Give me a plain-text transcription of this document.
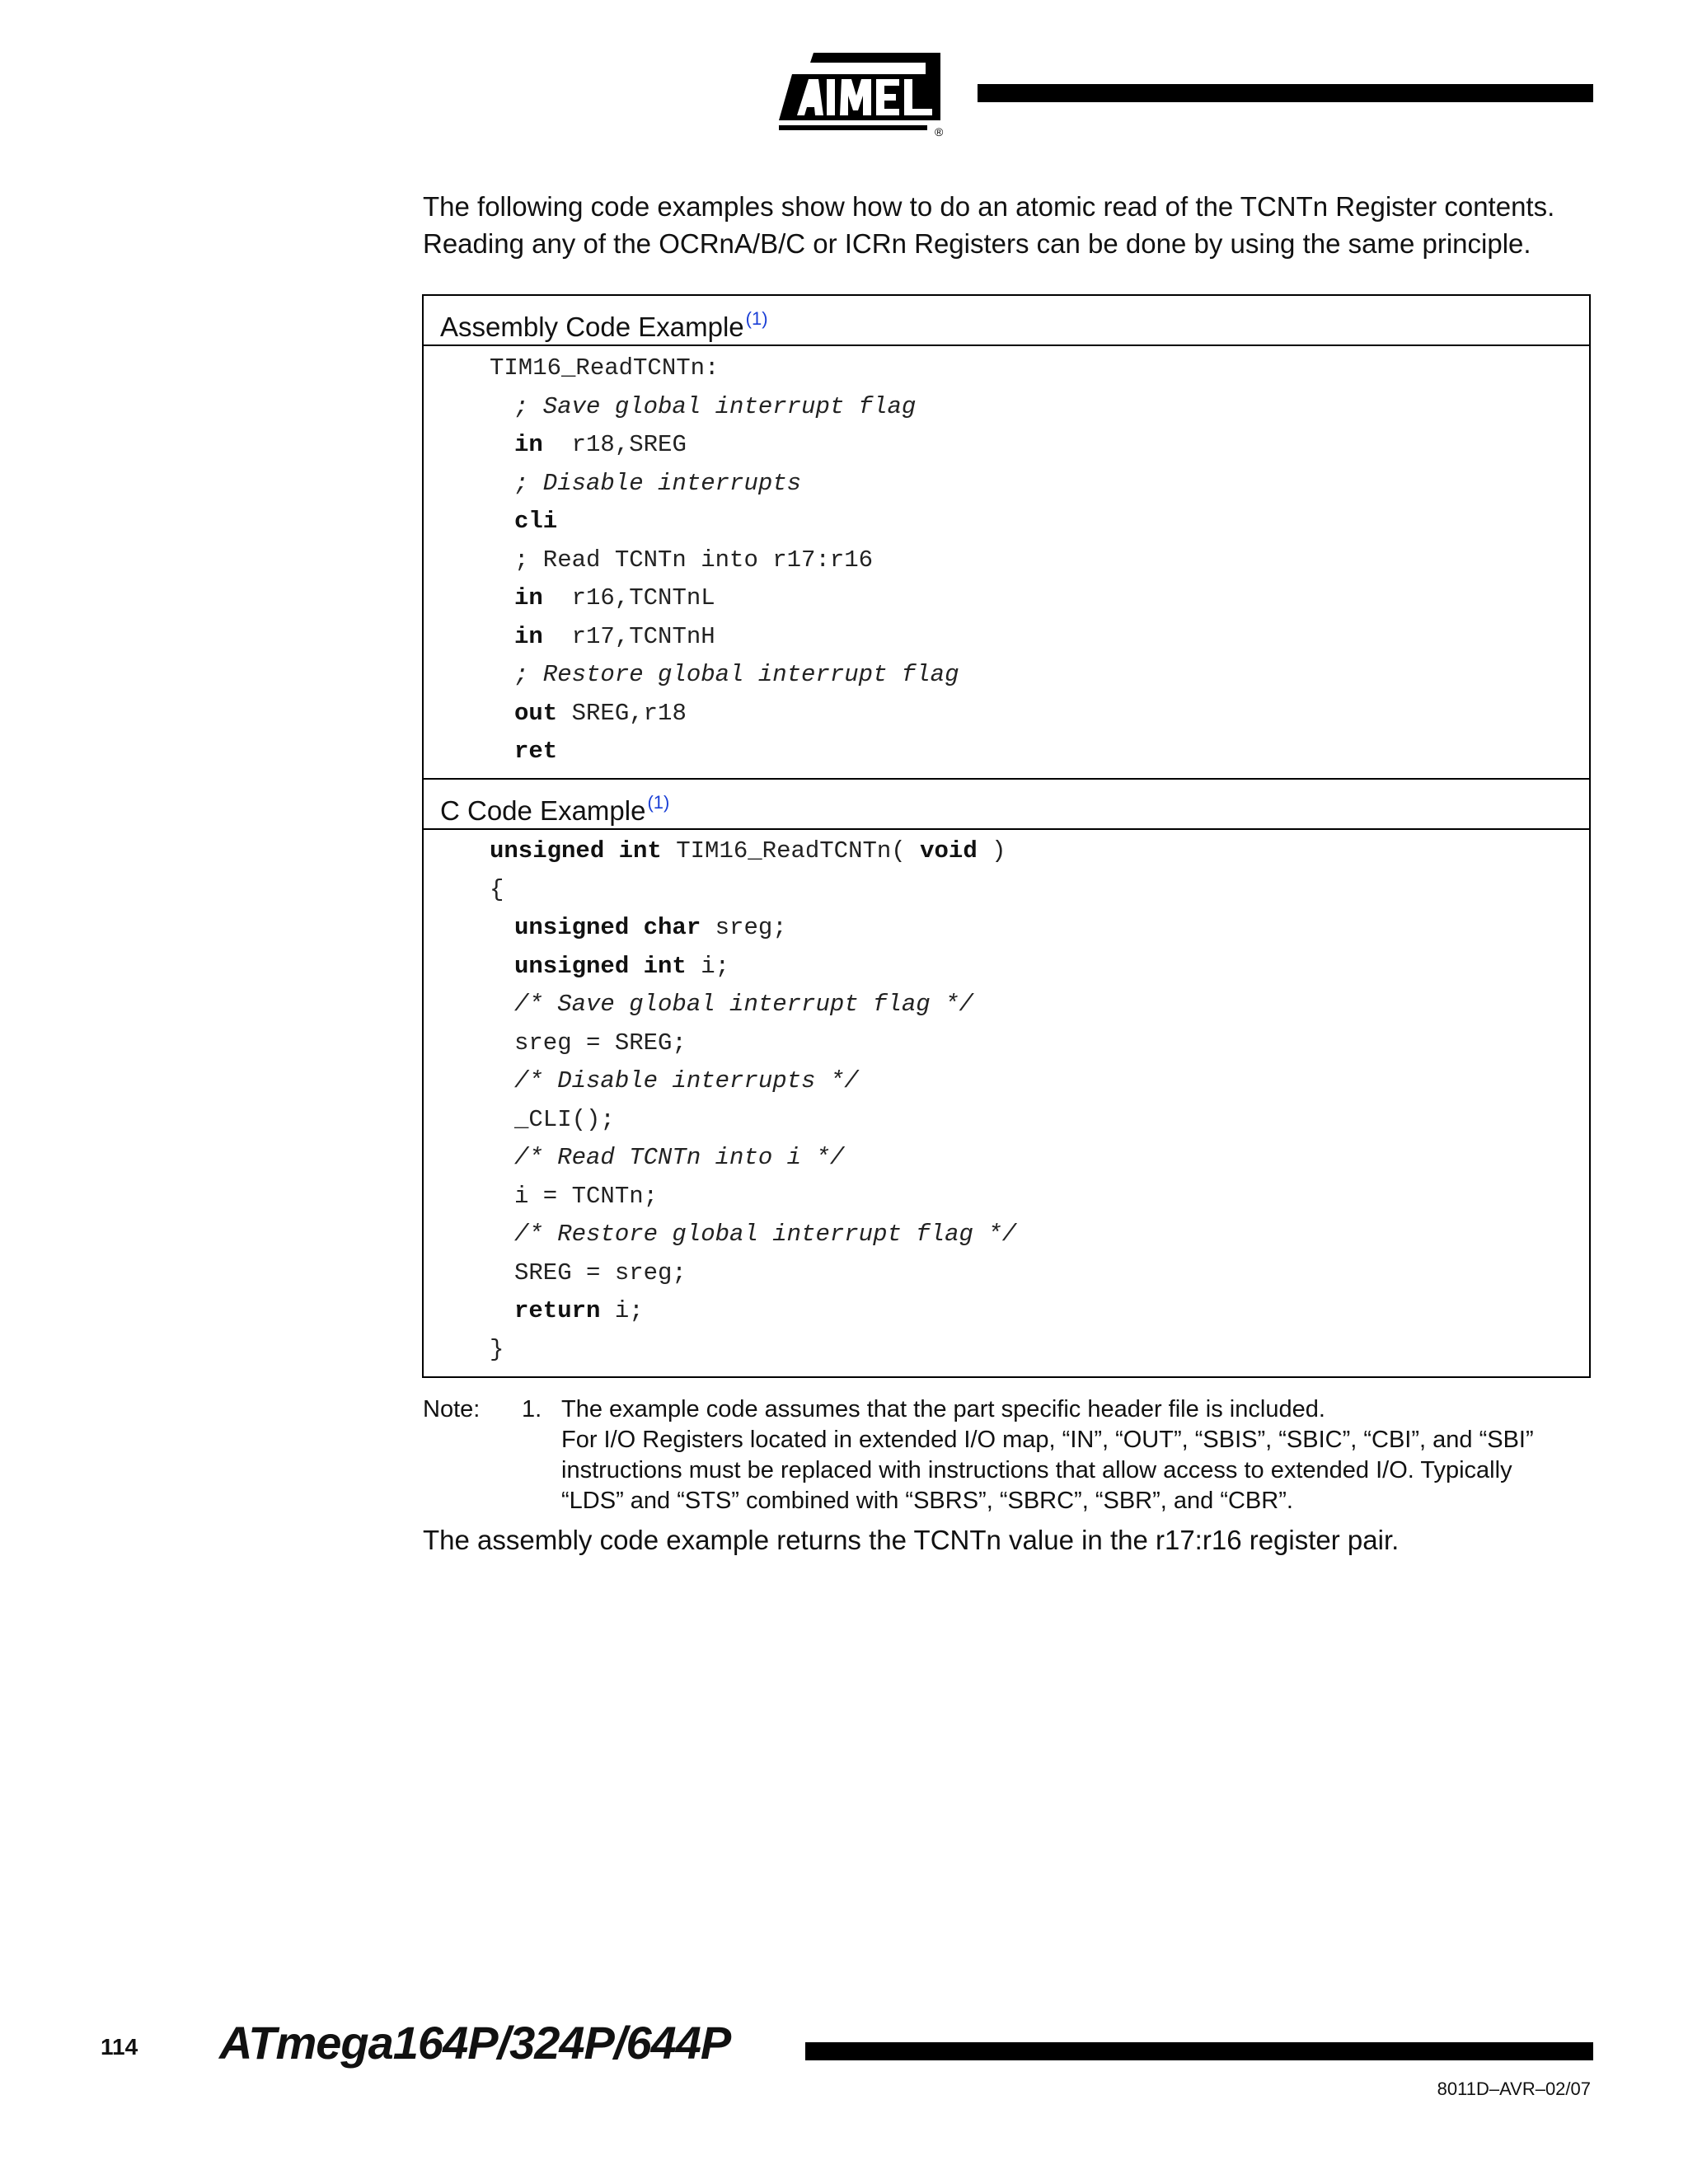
®

The following code examples show how to do an atomic read of the TCNTn Register contents.

Reading any of the OCRnA/B/C or ICRn Registers can be done by using the same principle.

Assembly Code Example$^{(1)}$
TIM16_ReadTCNTn:
; Save global interrupt flag
in  r18,SREG
; Disable interrupts
cli
; Read TCNTn into r17:r16
in  r16,TCNTnL
in  r17,TCNTnH
; Restore global interrupt flag
out SREG,r18
ret
C Code Example$^{(1)}$
unsigned int TIM16_ReadTCNTn( void )
{
unsigned char sreg;
unsigned int i;
/* Save global interrupt flag */
sreg = SREG;
/* Disable interrupts */
_CLI();
/* Read TCNTn into i */
i = TCNTn;
/* Restore global interrupt flag */
SREG = sreg;
return i;
}
Note: 1. The example code assumes that the part specific header file is included.
For I/O Registers located in extended I/O map, “IN”, “OUT”, “SBIS”, “SBIC”, “CBI”, and “SBI”
instructions must be replaced with instructions that allow access to extended I/O. Typically
“LDS” and “STS” combined with “SBRS”, “SBRC”, “SBR”, and “CBR”.
The assembly code example returns the TCNTn value in the r17:r16 register pair.
114 ATmega164P/324P/644P
8011D–AVR–02/07
